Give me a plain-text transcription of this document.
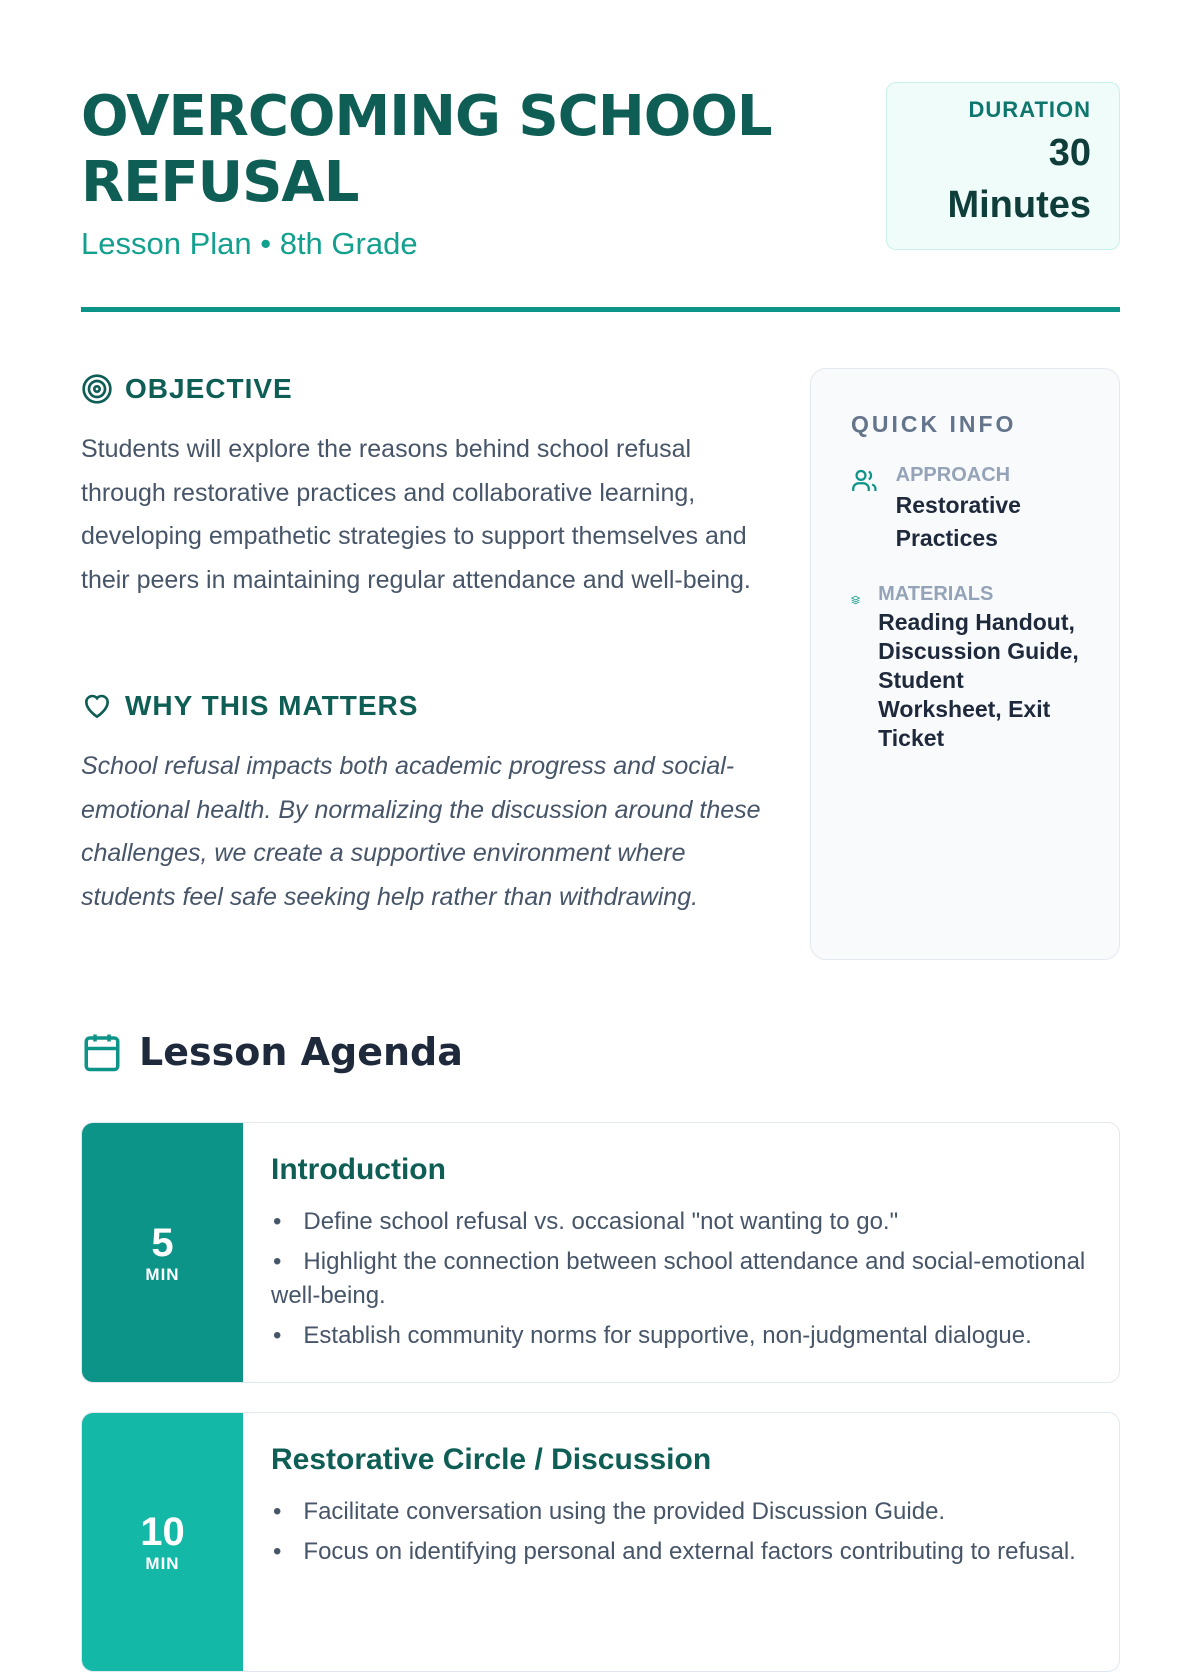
OVERCOMING SCHOOL REFUSAL
Lesson Plan • 8th Grade
DURATION
30 Minutes
OBJECTIVE
Students will explore the reasons behind school refusal through restorative practices and collaborative learning, developing empathetic strategies to support themselves and their peers in maintaining regular attendance and well-being.
WHY THIS MATTERS
School refusal impacts both academic progress and social-emotional health. By normalizing the discussion around these challenges, we create a supportive environment where students feel safe seeking help rather than withdrawing.
QUICK INFO
APPROACH
Restorative Practices
MATERIALS
Reading Handout, Discussion Guide, Student Worksheet, Exit Ticket
Lesson Agenda
5
MIN
Introduction
• Define school refusal vs. occasional "not wanting to go."
• Highlight the connection between school attendance and social-emotional well-being.
• Establish community norms for supportive, non-judgmental dialogue.
10
MIN
Restorative Circle / Discussion
• Facilitate conversation using the provided Discussion Guide.
• Focus on identifying personal and external factors contributing to refusal.
